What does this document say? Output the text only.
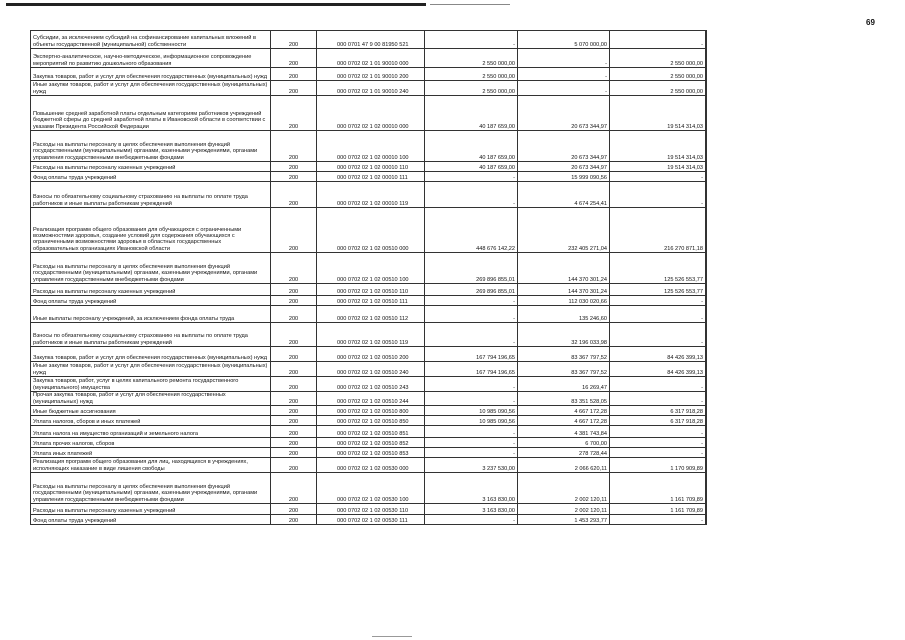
69
Субсидии, за исключением субсидий на софинансирование капитальных вложений в объекты государственной (муниципальной) собственности	200	000 0701 47 9 00 81950 521	-	5 070 000,00	-	
Экспертно-аналитическое, научно-методическое, информационное сопровождение мероприятий по развитию дошкольного образования	200	000 0702 02 1 01 90010 000	2 550 000,00	-	2 550 000,00	
Закупка товаров, работ и услуг для обеспечения государственных (муниципальных) нужд	200	000 0702 02 1 01 90010 200	2 550 000,00	-	2 550 000,00	
Иные закупки товаров, работ и услуг для обеспечения государственных (муниципальных) нужд	200	000 0702 02 1 01 90010 240	2 550 000,00	-	2 550 000,00	
Повышение средней заработной платы отдельным категориям работников учреждений бюджетной сферы до средней заработной платы в Ивановской области в соответствии с указами Президента Российской Федерации	200	000 0702 02 1 02 00010 000	40 187 659,00	20 673 344,97	19 514 314,03	
Расходы на выплаты персоналу в целях обеспечения выполнения функций государственными (муниципальными) органами, казенными учреждениями, органами управления государственными внебюджетными фондами	200	000 0702 02 1 02 00010 100	40 187 659,00	20 673 344,97	19 514 314,03	
Расходы на выплаты персоналу казенных учреждений	200	000 0702 02 1 02 00010 110	40 187 659,00	20 673 344,97	19 514 314,03	
Фонд оплаты труда учреждений	200	000 0702 02 1 02 00010 111	-	15 999 090,56	-	
Взносы по обязательному социальному страхованию на выплаты по оплате труда работников и иные выплаты работникам учреждений	200	000 0702 02 1 02 00010 119	-	4 674 254,41	-	
Реализация программ общего образования для обучающихся с ограниченными возможностями здоровья, создание условий для содержания обучающихся с ограниченными возможностями здоровья в областных государственных образовательных организациях Ивановской области	200	000 0702 02 1 02 00510 000	448 676 142,22	232 405 271,04	216 270 871,18	
Расходы на выплаты персоналу в целях обеспечения выполнения функций государственными (муниципальными) органами, казенными учреждениями, органами управления государственными внебюджетными фондами	200	000 0702 02 1 02 00510 100	269 896 855,01	144 370 301,24	125 526 553,77	
Расходы на выплаты персоналу казенных учреждений	200	000 0702 02 1 02 00510 110	269 896 855,01	144 370 301,24	125 526 553,77	
Фонд оплаты труда учреждений	200	000 0702 02 1 02 00510 111	-	112 030 020,66	-	
Иные выплаты персоналу учреждений, за исключением фонда оплаты труда	200	000 0702 02 1 02 00510 112	-	135 246,60	-	
Взносы по обязательному социальному страхованию на выплаты по оплате труда работников и иные выплаты работникам учреждений	200	000 0702 02 1 02 00510 119	-	32 196 033,98	-	
Закупка товаров, работ и услуг для обеспечения государственных (муниципальных) нужд	200	000 0702 02 1 02 00510 200	167 794 196,65	83 367 797,52	84 426 399,13	
Иные закупки товаров, работ и услуг для обеспечения государственных (муниципальных) нужд	200	000 0702 02 1 02 00510 240	167 794 196,65	83 367 797,52	84 426 399,13	
Закупка товаров, работ, услуг в целях капитального ремонта государственного (муниципального) имущества	200	000 0702 02 1 02 00510 243	-	16 269,47	-	
Прочая закупка товаров, работ и услуг для обеспечения государственных (муниципальных) нужд	200	000 0702 02 1 02 00510 244	-	83 351 528,05	-	
Иные бюджетные ассигнования	200	000 0702 02 1 02 00510 800	10 985 090,56	4 667 172,28	6 317 918,28	
Уплата налогов, сборов и иных платежей	200	000 0702 02 1 02 00510 850	10 985 090,56	4 667 172,28	6 317 918,28	
Уплата налога на имущество организаций и земельного налога	200	000 0702 02 1 02 00510 851	-	4 381 743,84	-	
Уплата прочих налогов, сборов	200	000 0702 02 1 02 00510 852	-	6 700,00	-	
Уплата иных платежей	200	000 0702 02 1 02 00510 853	-	278 728,44	-	
Реализация программ общего образования для лиц, находящихся в учреждениях, исполняющих наказание в виде лишения свободы	200	000 0702 02 1 02 00530 000	3 237 530,00	2 066 620,11	1 170 909,89	
Расходы на выплаты персоналу в целях обеспечения выполнения функций государственными (муниципальными) органами, казенными учреждениями, органами управления государственными внебюджетными фондами	200	000 0702 02 1 02 00530 100	3 163 830,00	2 002 120,11	1 161 709,89	
Расходы на выплаты персоналу казенных учреждений	200	000 0702 02 1 02 00530 110	3 163 830,00	2 002 120,11	1 161 709,89	
Фонд оплаты труда учреждений	200	000 0702 02 1 02 00530 111	-	1 453 293,77	-	
